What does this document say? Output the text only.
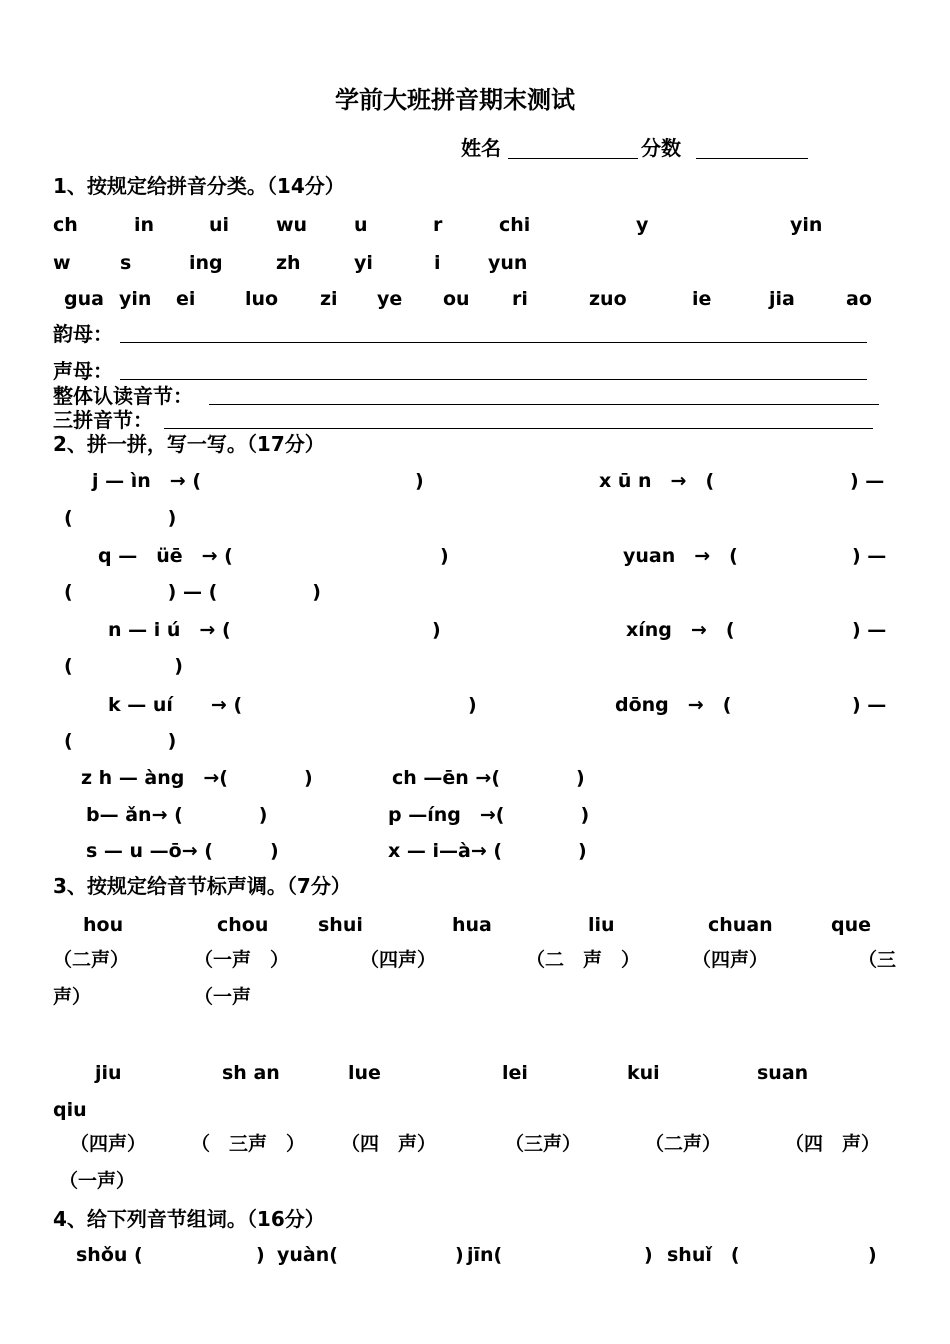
学前大班拼音期末测试
姓名	分数
1、按规定给拼音分类。（14分）
ch	in	ui wu u	r	chi	y	yin
w	s	ing	zh	yi	i yun
gua yin ei	luo zi ye ou ri	zuo	ie	jia	ao
韵母：
声母：
整体认读音节：
三拼音节：
2、拼一拼，写一写。（17分）
j — ìn　→ (	)	x ū n　→　(	) —
(　　　　　)
q —　üē　→ (	)	yuan　→　(	) —
(　　　　　) — (　　　　　)
n — i ú　→ (	)	xíng　→　(	) —
(　　　　　 )
k — uí　　→ (	)	dōng　→　(	) —
(　　　　　)
z h — àng　→(　　　　)	ch —ēn →(　　　　)
b— ǎn→ (　　　　)	p —íng　→(　　　　)
s — u —ō→ (　　　)	x — i—à→ (　　　　)
3、按规定给音节标声调。（7分）
hou	chou	shui	hua	liu	chuan	que
（二声）	（一声　）	（四声）	（二　声　）	（四声）	（三
声）	（一声
jiu	sh an	lue	lei	kui	suan
qiu
（四声） （　三声　） （四　声）	（三声）	（二声）	（四　声）
（一声）
4、给下列音节组词。（16分）
shǒu (	) yuàn(	) jīn(	) shuǐ　(	)
